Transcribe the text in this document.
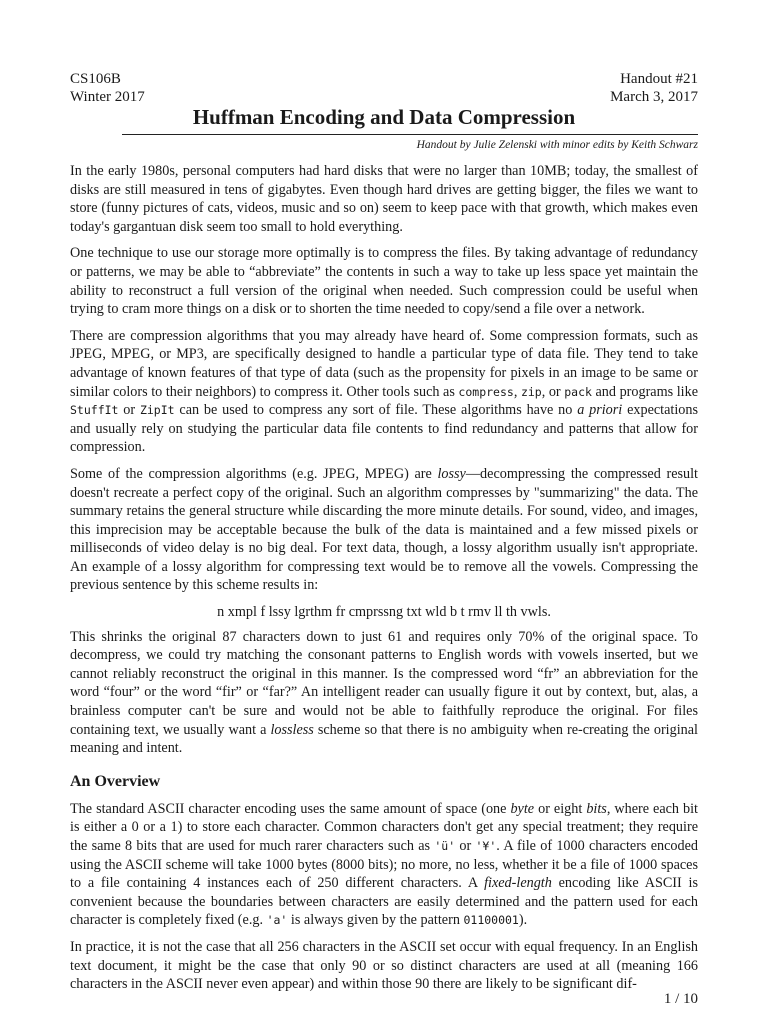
CS106B
Winter 2017
Handout #21
March 3, 2017
Huffman Encoding and Data Compression
Handout by Julie Zelenski with minor edits by Keith Schwarz

In the early 1980s, personal computers had hard disks that were no larger than 10MB; today, the smallest of disks are still measured in tens of gigabytes. Even though hard drives are getting bigger, the files we want to store (funny pictures of cats, videos, music and so on) seem to keep pace with that growth, which makes even today's gargantuan disk seem too small to hold everything.

One technique to use our storage more optimally is to compress the files. By taking advantage of redundancy or patterns, we may be able to “abbreviate” the contents in such a way to take up less space yet maintain the ability to reconstruct a full version of the original when needed. Such compression could be useful when trying to cram more things on a disk or to shorten the time needed to copy/send a file over a network.

There are compression algorithms that you may already have heard of. Some compression formats, such as JPEG, MPEG, or MP3, are specifically designed to handle a particular type of data file. They tend to take advantage of known features of that type of data (such as the propensity for pixels in an image to be same or similar colors to their neighbors) to compress it. Other tools such as compress, zip, or pack and programs like StuffIt or ZipIt can be used to compress any sort of file. These algorithms have no a priori expectations and usually rely on studying the particular data file contents to find redundancy and patterns that allow for compression.

Some of the compression algorithms (e.g. JPEG, MPEG) are lossy—decompressing the compressed result doesn't recreate a perfect copy of the original. Such an algorithm compresses by "summarizing" the data. The summary retains the general structure while discarding the more minute details. For sound, video, and images, this imprecision may be acceptable because the bulk of the data is maintained and a few missed pixels or milliseconds of video delay is no big deal. For text data, though, a lossy algorithm usually isn't appropriate. An example of a lossy algorithm for compressing text would be to remove all the vowels. Compressing the previous sentence by this scheme results in:

n xmpl f lssy lgrthm fr cmprssng txt wld b t rmv ll th vwls.

This shrinks the original 87 characters down to just 61 and requires only 70% of the original space. To decompress, we could try matching the consonant patterns to English words with vowels inserted, but we cannot reliably reconstruct the original in this manner. Is the compressed word “fr” an abbreviation for the word “four” or the word “fir” or “far?” An intelligent reader can usually figure it out by context, but, alas, a brainless computer can't be sure and would not be able to faithfully reproduce the original. For files containing text, we usually want a lossless scheme so that there is no ambiguity when re-creating the original meaning and intent.

An Overview

The standard ASCII character encoding uses the same amount of space (one byte or eight bits, where each bit is either a 0 or a 1) to store each character. Common characters don't get any special treatment; they require the same 8 bits that are used for much rarer characters such as 'ü' or '¥'. A file of 1000 characters encoded using the ASCII scheme will take 1000 bytes (8000 bits); no more, no less, whether it be a file of 1000 spaces to a file containing 4 instances each of 250 different characters. A fixed-length encoding like ASCII is convenient because the boundaries between characters are easily determined and the pattern used for each character is completely fixed (e.g. 'a' is always given by the pattern 01100001).

In practice, it is not the case that all 256 characters in the ASCII set occur with equal frequency. In an English text document, it might be the case that only 90 or so distinct characters are used at all (meaning 166 characters in the ASCII never even appear) and within those 90 there are likely to be significant dif-

1 / 10
